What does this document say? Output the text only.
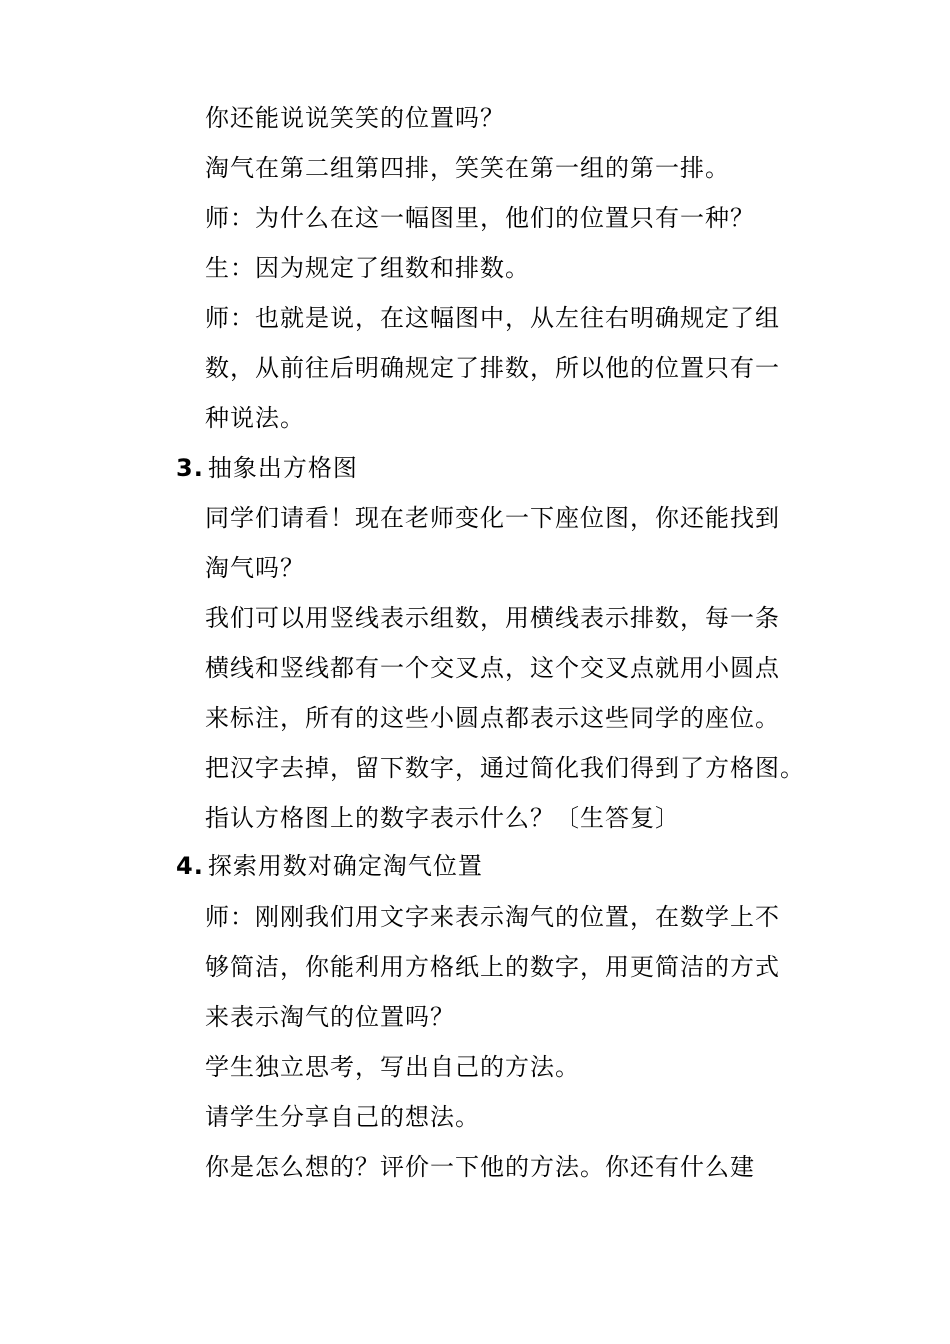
你还能说说笑笑的位置吗？
淘气在第二组第四排，笑笑在第一组的第一排。
师：为什么在这一幅图里，他们的位置只有一种？
生：因为规定了组数和排数。
师：也就是说，在这幅图中，从左往右明确规定了组
数，从前往后明确规定了排数，所以他的位置只有一
种说法。
3. 抽象出方格图
同学们请看！现在老师变化一下座位图，你还能找到
淘气吗？
我们可以用竖线表示组数，用横线表示排数，每一条
横线和竖线都有一个交叉点，这个交叉点就用小圆点
来标注，所有的这些小圆点都表示这些同学的座位。
把汉字去掉，留下数字，通过简化我们得到了方格图。
指认方格图上的数字表示什么？〔生答复〕
4. 探索用数对确定淘气位置
师：刚刚我们用文字来表示淘气的位置，在数学上不
够简洁，你能利用方格纸上的数字，用更简洁的方式
来表示淘气的位置吗？
学生独立思考，写出自己的方法。
请学生分享自己的想法。
你是怎么想的？评价一下他的方法。你还有什么建
